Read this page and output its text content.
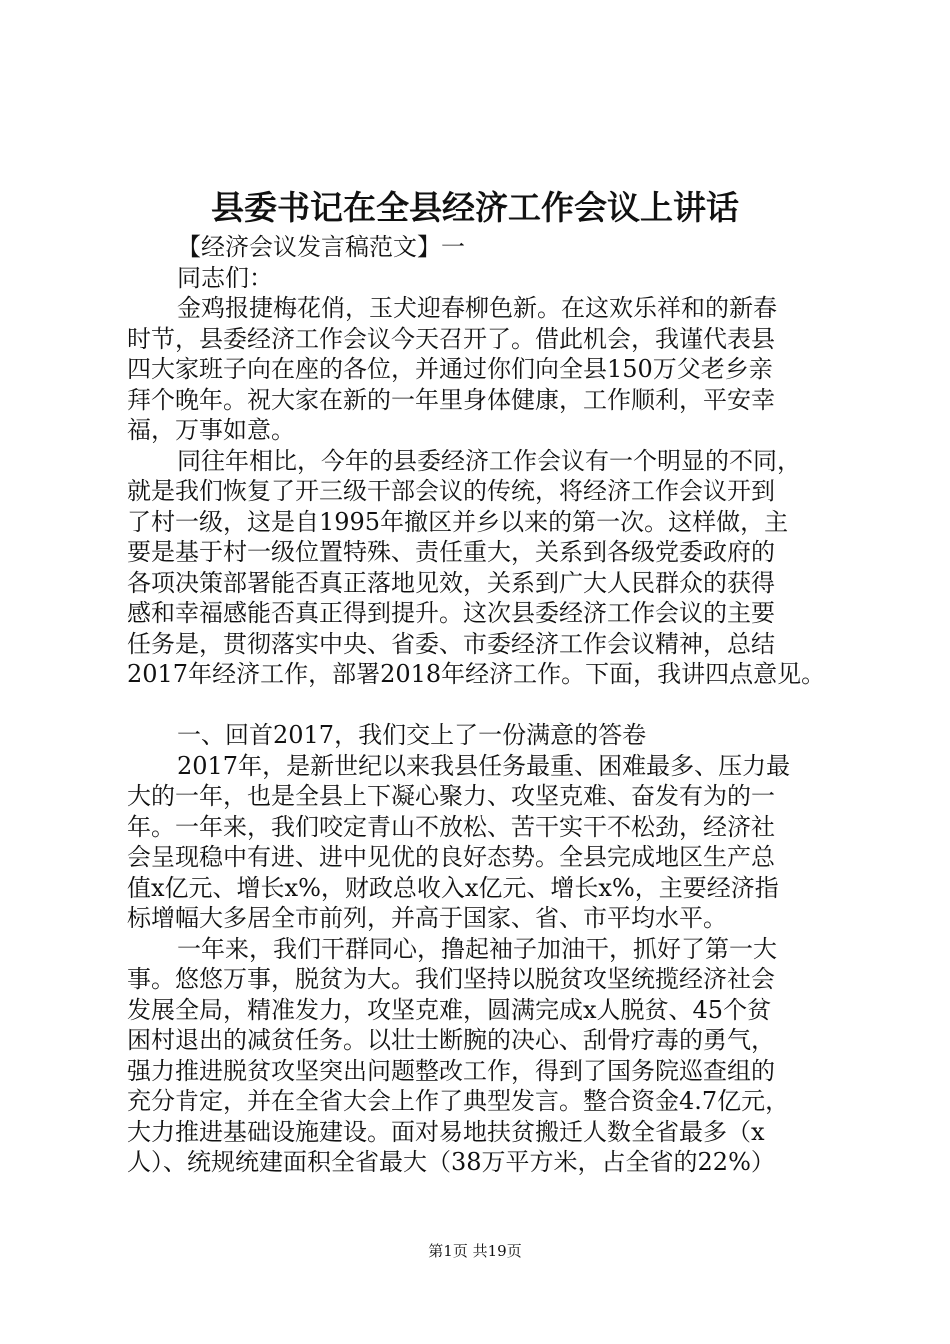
县委书记在全县经济工作会议上讲话
【经济会议发言稿范文】一
同志们：
金鸡报捷梅花俏，玉犬迎春柳色新。在这欢乐祥和的新春
时节，县委经济工作会议今天召开了。借此机会，我谨代表县
四大家班子向在座的各位，并通过你们向全县150万父老乡亲
拜个晚年。祝大家在新的一年里身体健康，工作顺利，平安幸
福，万事如意。
同往年相比，今年的县委经济工作会议有一个明显的不同，
就是我们恢复了开三级干部会议的传统，将经济工作会议开到
了村一级，这是自1995年撤区并乡以来的第一次。这样做，主
要是基于村一级位置特殊、责任重大，关系到各级党委政府的
各项决策部署能否真正落地见效，关系到广大人民群众的获得
感和幸福感能否真正得到提升。这次县委经济工作会议的主要
任务是，贯彻落实中央、省委、市委经济工作会议精神，总结
2017年经济工作，部署2018年经济工作。下面，我讲四点意见。
一、回首2017，我们交上了一份满意的答卷
2017年，是新世纪以来我县任务最重、困难最多、压力最
大的一年，也是全县上下凝心聚力、攻坚克难、奋发有为的一
年。一年来，我们咬定青山不放松、苦干实干不松劲，经济社
会呈现稳中有进、进中见优的良好态势。全县完成地区生产总
值x亿元、增长x%，财政总收入x亿元、增长x%，主要经济指
标增幅大多居全市前列，并高于国家、省、市平均水平。
一年来，我们干群同心，撸起袖子加油干，抓好了第一大
事。悠悠万事，脱贫为大。我们坚持以脱贫攻坚统揽经济社会
发展全局，精准发力，攻坚克难，圆满完成x人脱贫、45个贫
困村退出的减贫任务。以壮士断腕的决心、刮骨疗毒的勇气，
强力推进脱贫攻坚突出问题整改工作，得到了国务院巡查组的
充分肯定，并在全省大会上作了典型发言。整合资金4.7亿元，
大力推进基础设施建设。面对易地扶贫搬迁人数全省最多（x
人）、统规统建面积全省最大（38万平方米，占全省的22%）
第1页 共19页
